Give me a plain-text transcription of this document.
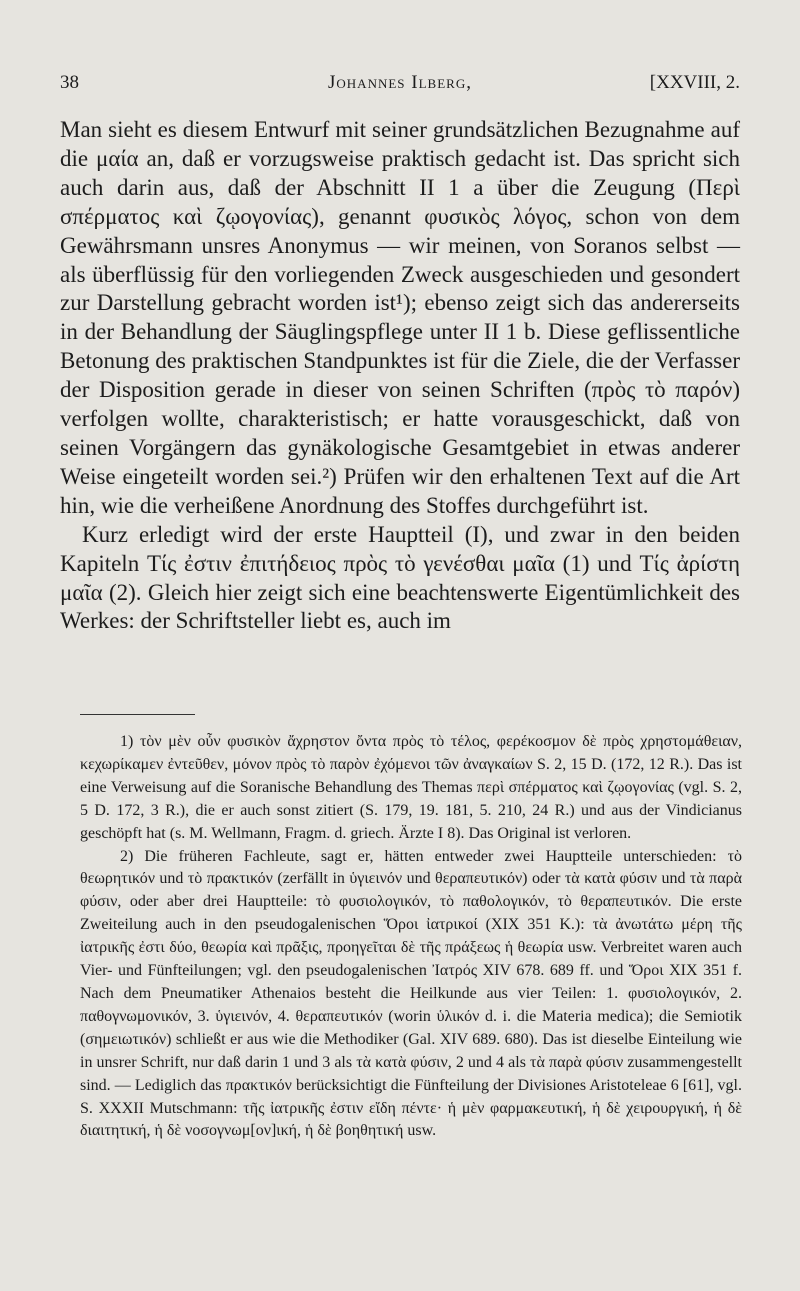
38	Johannes Ilberg,	[XXVIII, 2.

Man sieht es diesem Entwurf mit seiner grundsätzlichen Bezugnahme auf die μαία an, daß er vorzugsweise praktisch gedacht ist. Das spricht sich auch darin aus, daß der Abschnitt II 1 a über die Zeugung (Περὶ σπέρματος καὶ ζῳογονίας), genannt φυσικὸς λόγος, schon von dem Gewährsmann unsres Anonymus — wir meinen, von Soranos selbst — als überflüssig für den vorliegenden Zweck ausgeschieden und gesondert zur Darstellung gebracht worden ist¹); ebenso zeigt sich das andererseits in der Behandlung der Säuglingspflege unter II 1 b. Diese geflissentliche Betonung des praktischen Standpunktes ist für die Ziele, die der Verfasser der Disposition gerade in dieser von seinen Schriften (πρὸς τὸ παρόν) verfolgen wollte, charakteristisch; er hatte vorausgeschickt, daß von seinen Vorgängern das gynäkologische Gesamtgebiet in etwas anderer Weise eingeteilt worden sei.²) Prüfen wir den erhaltenen Text auf die Art hin, wie die verheißene Anordnung des Stoffes durchgeführt ist.

Kurz erledigt wird der erste Hauptteil (I), und zwar in den beiden Kapiteln Τίς ἐστιν ἐπιτήδειος πρὸς τὸ γενέσθαι μαῖα (1) und Τίς ἀρίστη μαῖα (2). Gleich hier zeigt sich eine beachtenswerte Eigentümlichkeit des Werkes: der Schriftsteller liebt es, auch im

1) τὸν μὲν οὖν φυσικὸν ἄχρηστον ὄντα πρὸς τὸ τέλος, φερέκοσμον δὲ πρὸς χρηστομάθειαν, κεχωρίκαμεν ἐντεῦθεν, μόνον πρὸς τὸ παρὸν ἐχόμενοι τῶν ἀναγκαίων S. 2, 15 D. (172, 12 R.). Das ist eine Verweisung auf die Soranische Behandlung des Themas περὶ σπέρματος καὶ ζῳογονίας (vgl. S. 2, 5 D. 172, 3 R.), die er auch sonst zitiert (S. 179, 19. 181, 5. 210, 24 R.) und aus der Vindicianus geschöpft hat (s. M. Wellmann, Fragm. d. griech. Ärzte I 8). Das Original ist verloren.

2) Die früheren Fachleute, sagt er, hätten entweder zwei Hauptteile unterschieden: τὸ θεωρητικόν und τὸ πρακτικόν (zerfällt in ὑγιεινόν und θεραπευτικόν) oder τὰ κατὰ φύσιν und τὰ παρὰ φύσιν, oder aber drei Hauptteile: τὸ φυσιολογικόν, τὸ παθολογικόν, τὸ θεραπευτικόν. Die erste Zweiteilung auch in den pseudogalenischen Ὅροι ἰατρικοί (XIX 351 K.): τὰ ἀνωτάτω μέρη τῆς ἰατρικῆς ἐστι δύο, θεωρία καὶ πρᾶξις, προηγεῖται δὲ τῆς πράξεως ἡ θεωρία usw. Verbreitet waren auch Vier- und Fünfteilungen; vgl. den pseudogalenischen Ἰατρός XIV 678. 689 ff. und Ὅροι XIX 351 f. Nach dem Pneumatiker Athenaios besteht die Heilkunde aus vier Teilen: 1. φυσιολογικόν, 2. παθογνωμονικόν, 3. ὑγιεινόν, 4. θεραπευτικόν (worin ὑλικόν d. i. die Materia medica); die Semiotik (σημειωτικόν) schließt er aus wie die Methodiker (Gal. XIV 689. 680). Das ist dieselbe Einteilung wie in unsrer Schrift, nur daß darin 1 und 3 als τὰ κατὰ φύσιν, 2 und 4 als τὰ παρὰ φύσιν zusammengestellt sind. — Lediglich das πρακτικόν berücksichtigt die Fünfteilung der Divisiones Aristoteleae 6 [61], vgl. S. XXXII Mutschmann: τῆς ἰατρικῆς ἐστιν εἴδη πέντε· ἡ μὲν φαρμακευτική, ἡ δὲ χειρουργική, ἡ δὲ διαιτητική, ἡ δὲ νοσογνωμ[ον]ική, ἡ δὲ βοηθητική usw.
